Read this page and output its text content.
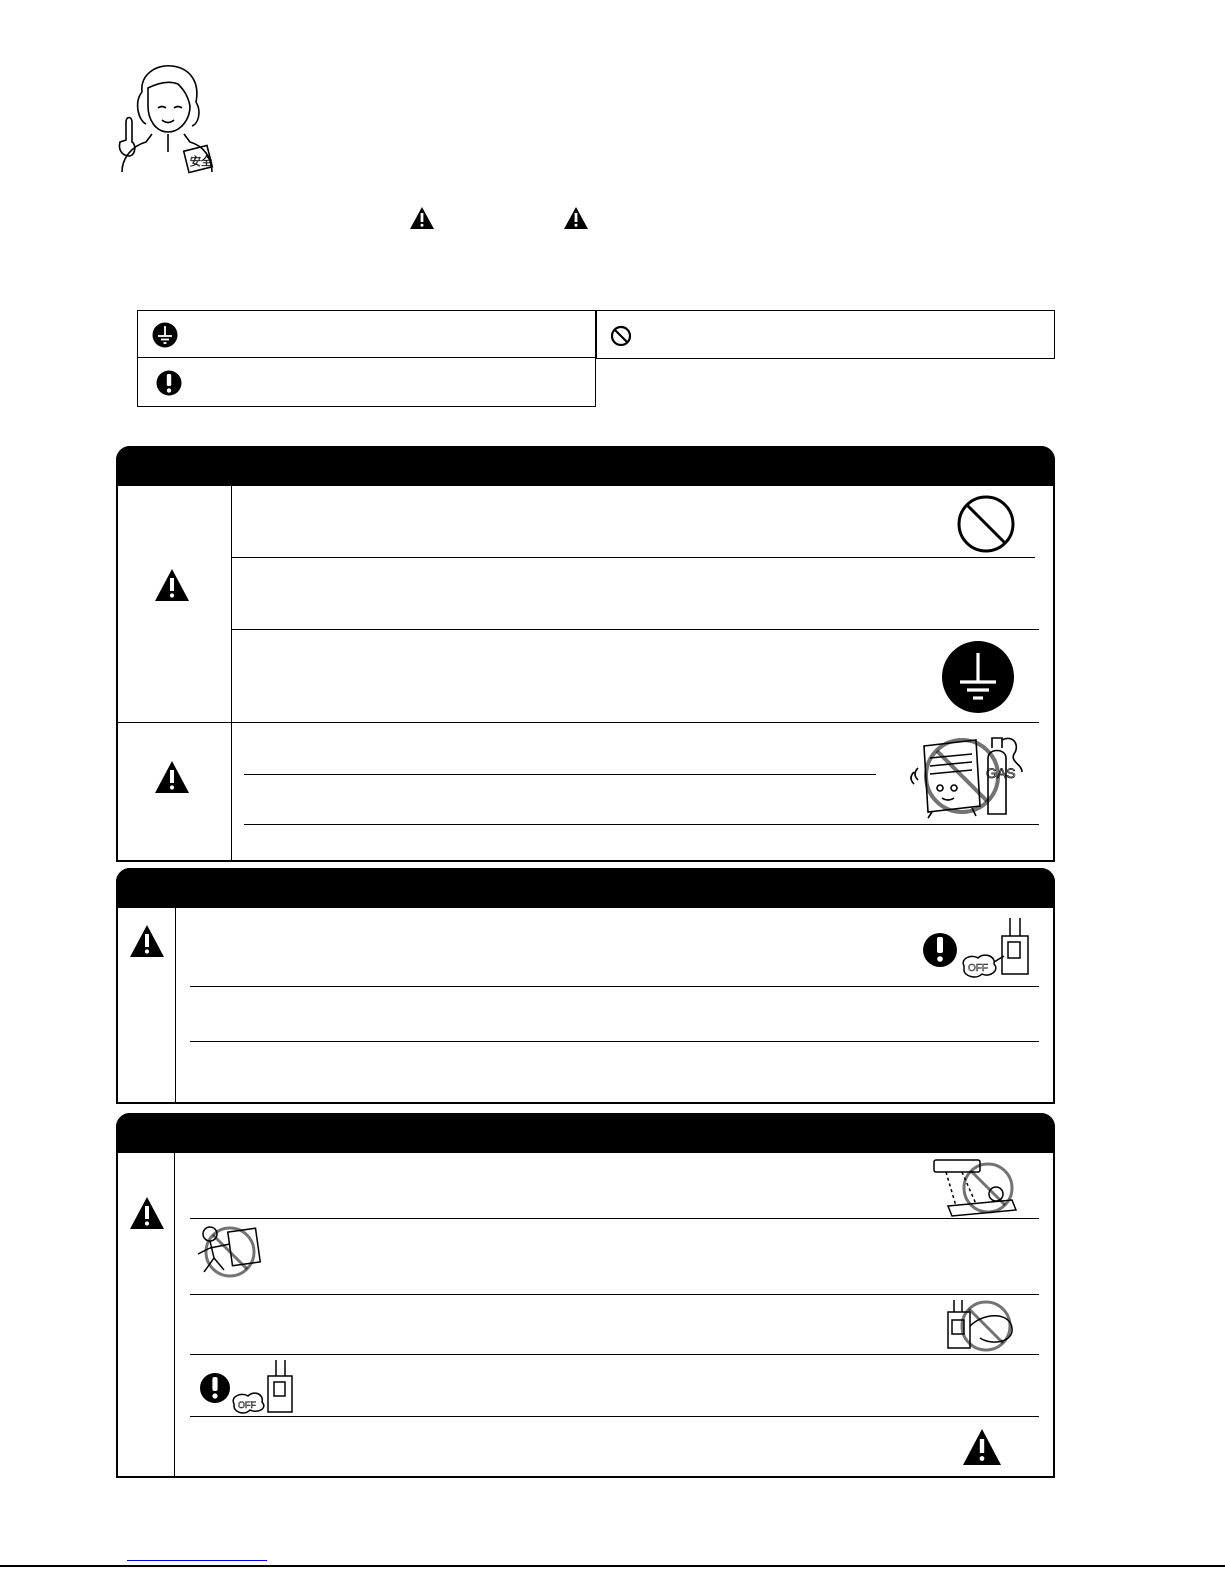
安全
GAS
OFF
OFF
